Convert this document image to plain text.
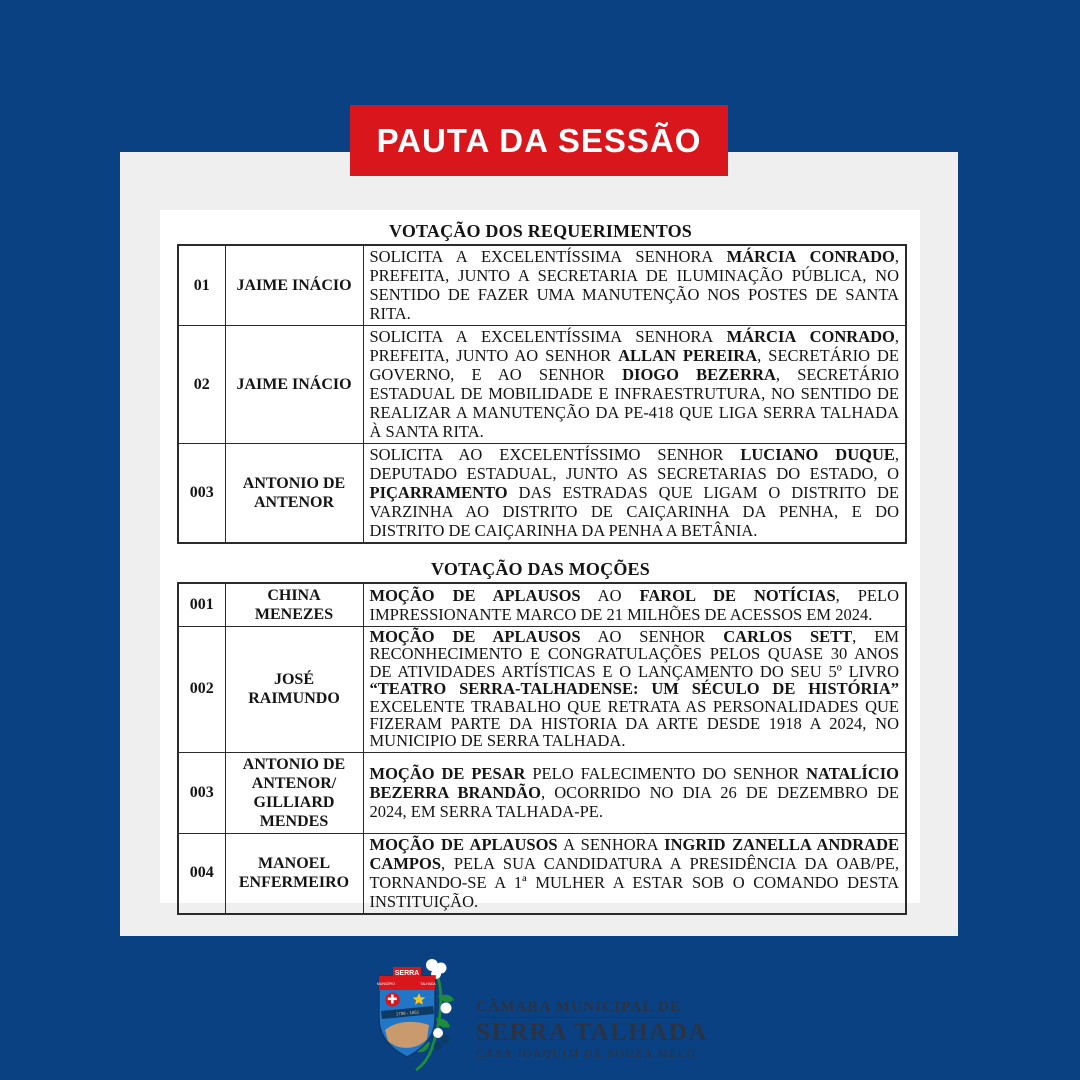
PAUTA DA SESSÃO
VOTAÇÃO DOS REQUERIMENTOS
01	JAIME INÁCIO	SOLICITA A EXCELENTÍSSIMA SENHORA MÁRCIA CONRADO, PREFEITA, JUNTO A SECRETARIA DE ILUMINAÇÃO PÚBLICA, NO SENTIDO DE FAZER UMA MANUTENÇÃO NOS POSTES DE SANTA RITA.
02	JAIME INÁCIO	SOLICITA A EXCELENTÍSSIMA SENHORA MÁRCIA CONRADO, PREFEITA, JUNTO AO SENHOR ALLAN PEREIRA, SECRETÁRIO DE GOVERNO, E AO SENHOR DIOGO BEZERRA, SECRETÁRIO ESTADUAL DE MOBILIDADE E INFRAESTRUTURA, NO SENTIDO DE REALIZAR A MANUTENÇÃO DA PE-418 QUE LIGA SERRA TALHADA À SANTA RITA.
003	ANTONIO DE ANTENOR	SOLICITA AO EXCELENTÍSSIMO SENHOR LUCIANO DUQUE, DEPUTADO ESTADUAL, JUNTO AS SECRETARIAS DO ESTADO, O PIÇARRAMENTO DAS ESTRADAS QUE LIGAM O DISTRITO DE VARZINHA AO DISTRITO DE CAIÇARINHA DA PENHA, E DO DISTRITO DE CAIÇARINHA DA PENHA A BETÂNIA.
VOTAÇÃO DAS MOÇÕES
001	CHINA MENEZES	MOÇÃO DE APLAUSOS AO FAROL DE NOTÍCIAS, PELO IMPRESSIONANTE MARCO DE 21 MILHÕES DE ACESSOS EM 2024.
002	JOSÉ RAIMUNDO	MOÇÃO DE APLAUSOS AO SENHOR CARLOS SETT, EM RECONHECIMENTO E CONGRATULAÇÕES PELOS QUASE 30 ANOS DE ATIVIDADES ARTÍSTICAS E O LANÇAMENTO DO SEU 5º LIVRO “TEATRO SERRA-TALHADENSE: UM SÉCULO DE HISTÓRIA” EXCELENTE TRABALHO QUE RETRATA AS PERSONALIDADES QUE FIZERAM PARTE DA HISTORIA DA ARTE DESDE 1918 A 2024, NO MUNICIPIO DE SERRA TALHADA.
003	ANTONIO DE ANTENOR/ GILLIARD MENDES	MOÇÃO DE PESAR PELO FALECIMENTO DO SENHOR NATALÍCIO BEZERRA BRANDÃO, OCORRIDO NO DIA 26 DE DEZEMBRO DE 2024, EM SERRA TALHADA-PE.
004	MANOEL ENFERMEIRO	MOÇÃO DE APLAUSOS A SENHORA INGRID ZANELLA ANDRADE CAMPOS, PELA SUA CANDIDATURA A PRESIDÊNCIA DA OAB/PE, TORNANDO-SE A 1ª MULHER A ESTAR SOB O COMANDO DESTA INSTITUIÇÃO.
SERRA
MUNICÍPIO	TALHADA
1798 - 1851	CÂMARA MUNICIPAL DE
SERRA TALHADA
CASA JOAQUIM DE SOUZA MELO
